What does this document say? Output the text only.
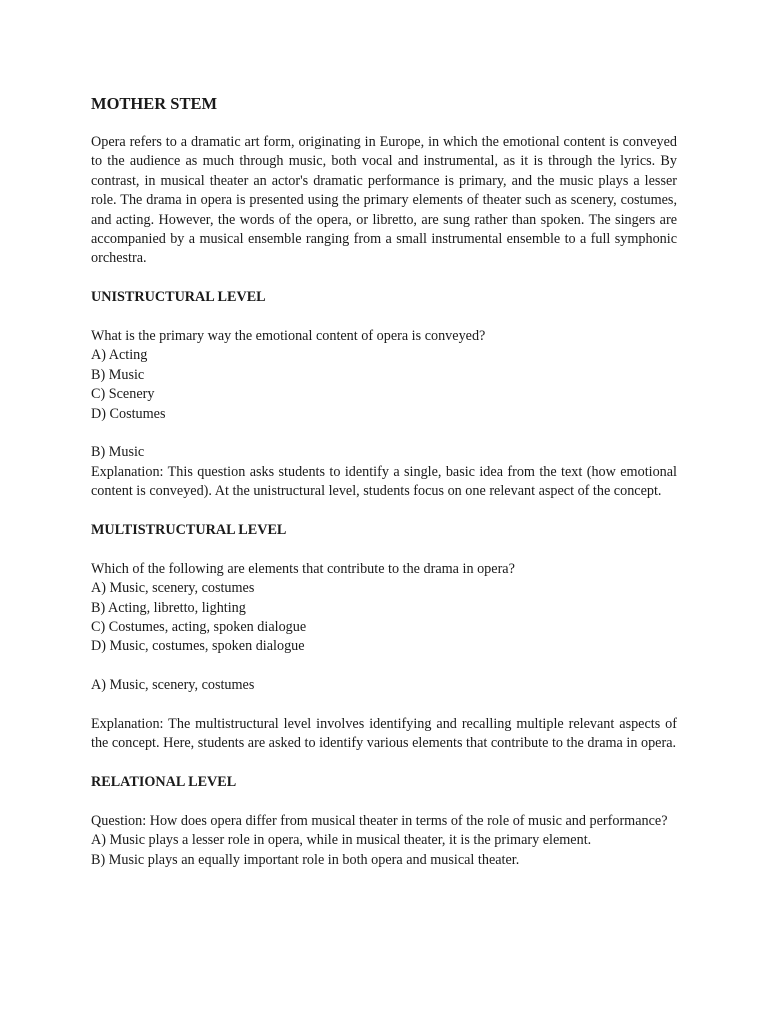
MOTHER STEM

Opera refers to a dramatic art form, originating in Europe, in which the emotional content is conveyed to the audience as much through music, both vocal and instrumental, as it is through the lyrics. By contrast, in musical theater an actor's dramatic performance is primary, and the music plays a lesser role. The drama in opera is presented using the primary elements of theater such as scenery, costumes, and acting. However, the words of the opera, or libretto, are sung rather than spoken. The singers are accompanied by a musical ensemble ranging from a small instrumental ensemble to a full symphonic orchestra.

UNISTRUCTURAL LEVEL

What is the primary way the emotional content of opera is conveyed?

A) Acting
B) Music
C) Scenery
D) Costumes
B) Music

Explanation: This question asks students to identify a single, basic idea from the text (how emotional content is conveyed). At the unistructural level, students focus on one relevant aspect of the concept.

MULTISTRUCTURAL LEVEL

Which of the following are elements that contribute to the drama in opera?

A) Music, scenery, costumes
B) Acting, libretto, lighting
C) Costumes, acting, spoken dialogue
D) Music, costumes, spoken dialogue
A) Music, scenery, costumes

Explanation: The multistructural level involves identifying and recalling multiple relevant aspects of the concept. Here, students are asked to identify various elements that contribute to the drama in opera.

RELATIONAL LEVEL

Question: How does opera differ from musical theater in terms of the role of music and performance?

A) Music plays a lesser role in opera, while in musical theater, it is the primary element.
B) Music plays an equally important role in both opera and musical theater.
